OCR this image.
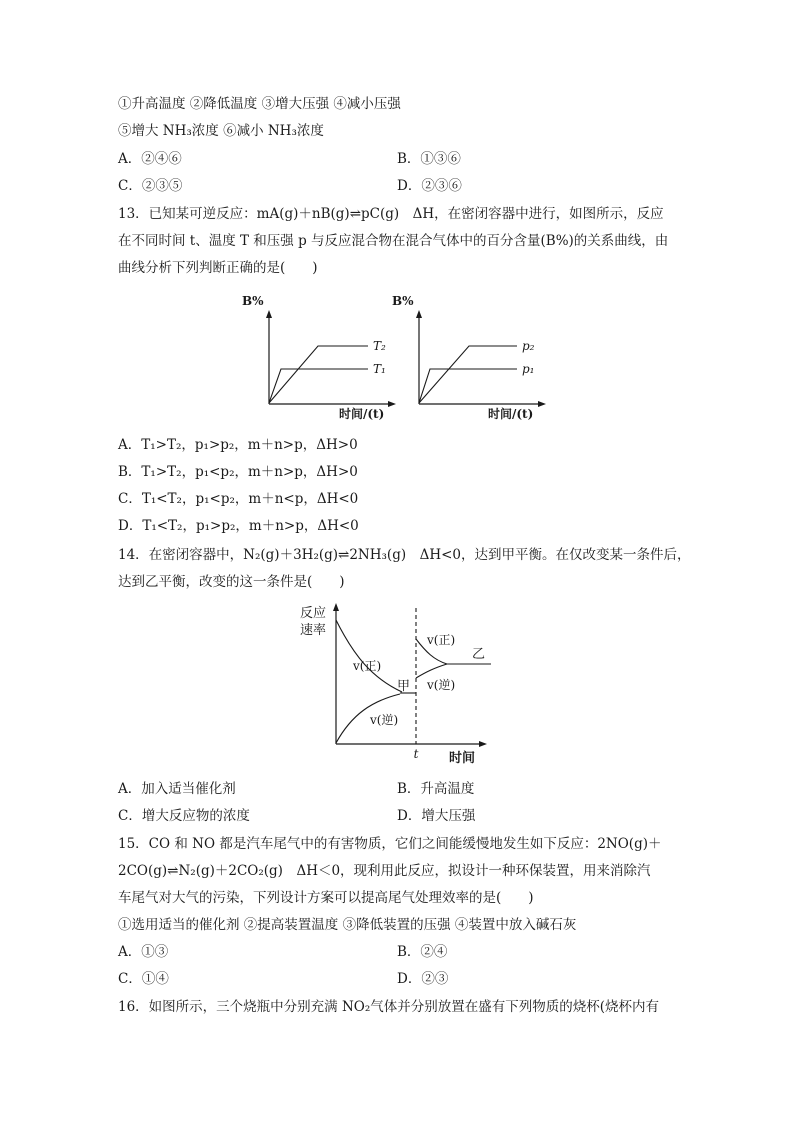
①升高温度 ②降低温度 ③增大压强 ④减小压强
⑤增大 NH₃浓度 ⑥减小 NH₃浓度
A．②④⑥	B．①③⑥
C．②③⑤	D．②③⑥
13．已知某可逆反应：mA(g)＋nB(g)⇌pC(g)　ΔH，在密闭容器中进行，如图所示，反应
在不同时间 t、温度 T 和压强 p 与反应混合物在混合气体中的百分含量(B%)的关系曲线，由
曲线分析下列判断正确的是(　　)
B%
T₂
T₁
时间/(t)
B%
p₂
p₁
时间/(t)
A．T₁>T₂，p₁>p₂，m＋n>p，ΔH>0
B．T₁>T₂，p₁<p₂，m＋n>p，ΔH>0
C．T₁<T₂，p₁<p₂，m＋n<p，ΔH<0
D．T₁<T₂，p₁>p₂，m＋n>p，ΔH<0
14．在密闭容器中，N₂(g)＋3H₂(g)⇌2NH₃(g)　ΔH<0，达到甲平衡。在仅改变某一条件后，
达到乙平衡，改变的这一条件是(　　)
反应
速率
v(正)
v(逆)
甲
v(正)
v(逆)
乙
t 时间
A．加入适当催化剂	B．升高温度
C．增大反应物的浓度	D．增大压强
15．CO 和 NO 都是汽车尾气中的有害物质，它们之间能缓慢地发生如下反应：2NO(g)＋
2CO(g)⇌N₂(g)＋2CO₂(g)　ΔH＜0，现利用此反应，拟设计一种环保装置，用来消除汽
车尾气对大气的污染，下列设计方案可以提高尾气处理效率的是(　　)
①选用适当的催化剂 ②提高装置温度 ③降低装置的压强 ④装置中放入碱石灰
A．①③	B．②④
C．①④	D．②③
16．如图所示，三个烧瓶中分别充满 NO₂气体并分别放置在盛有下列物质的烧杯(烧杯内有
